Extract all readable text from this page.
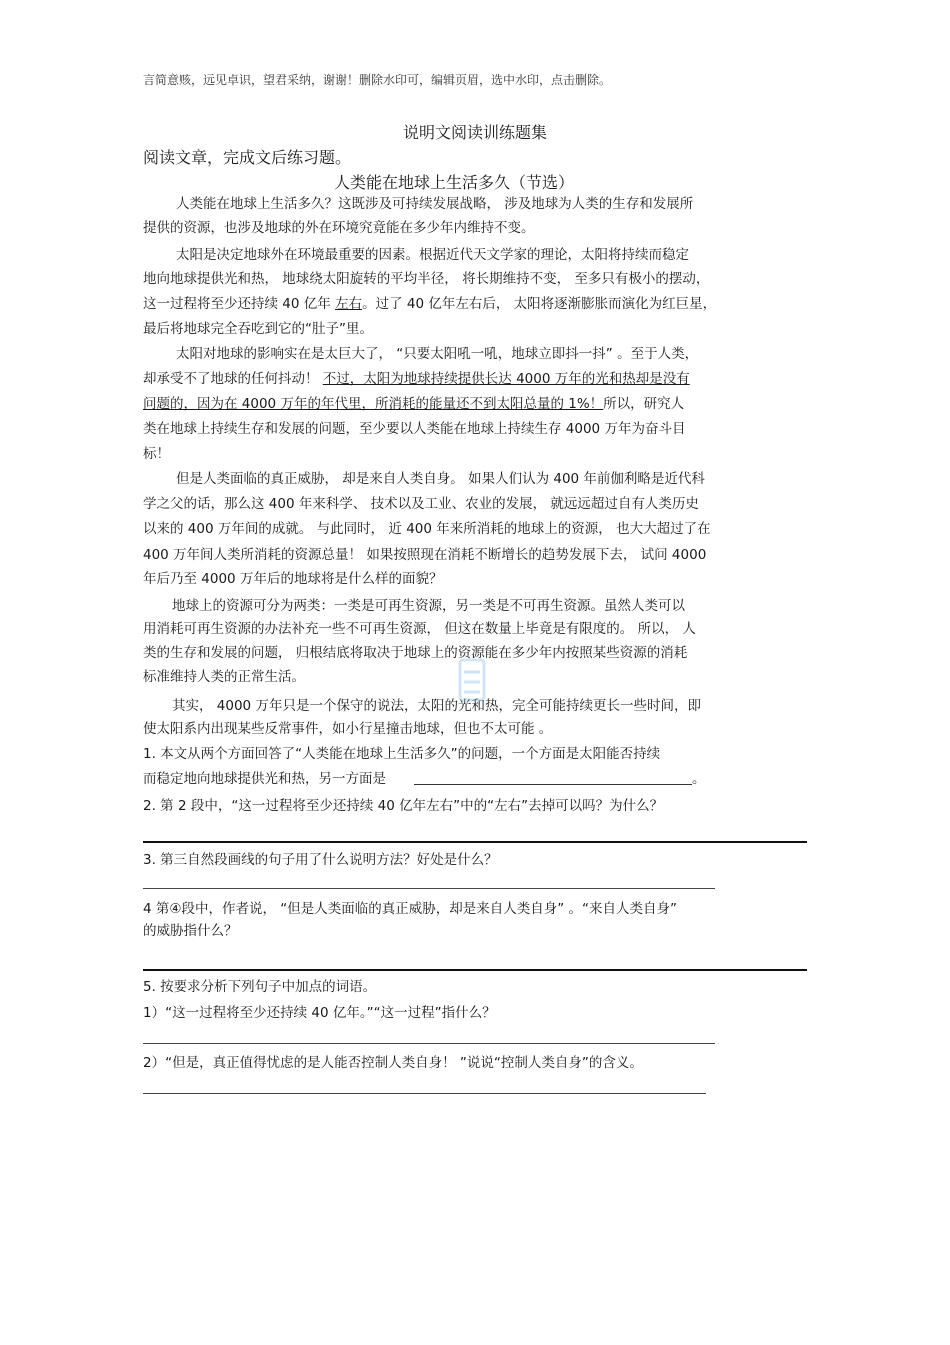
言简意赅，远见卓识，望君采纳，谢谢！删除水印可，编辑页眉，选中水印，点击删除。
说明文阅读训练题集
阅读文章，完成文后练习题。
人类能在地球上生活多久（节选）
人类能在地球上生活多久？这既涉及可持续发展战略， 涉及地球为人类的生存和发展所
提供的资源，也涉及地球的外在环境究竟能在多少年内维持不变。
太阳是决定地球外在环境最重要的因素。根据近代天文学家的理论，太阳将持续而稳定
地向地球提供光和热， 地球绕太阳旋转的平均半径， 将长期维持不变， 至多只有极小的摆动，
这一过程将至少还持续 40 亿年 左右。过了 40 亿年左右后， 太阳将逐渐膨胀而演化为红巨星，
最后将地球完全吞吃到它的“肚子”里。
太阳对地球的影响实在是太巨大了， “只要太阳吼一吼，地球立即抖一抖” 。至于人类，
却承受不了地球的任何抖动！ 不过，太阳为地球持续提供长达 4000 万年的光和热却是没有
问题的，因为在 4000 万年的年代里，所消耗的能量还不到太阳总量的 1%！所以，研究人
类在地球上持续生存和发展的问题，至少要以人类能在地球上持续生存 4000 万年为奋斗目
标！
但是人类面临的真正威胁， 却是来自人类自身。 如果人们认为 400 年前伽利略是近代科
学之父的话，那么这 400 年来科学、 技术以及工业、农业的发展， 就远远超过自有人类历史
以来的 400 万年间的成就。 与此同时， 近 400 年来所消耗的地球上的资源， 也大大超过了在
400 万年间人类所消耗的资源总量！ 如果按照现在消耗不断增长的趋势发展下去， 试问 4000
年后乃至 4000 万年后的地球将是什么样的面貌？
地球上的资源可分为两类：一类是可再生资源，另一类是不可再生资源。虽然人类可以
用消耗可再生资源的办法补充一些不可再生资源， 但这在数量上毕竟是有限度的。 所以， 人
类的生存和发展的问题， 归根结底将取决于地球上的资源能在多少年内按照某些资源的消耗
标准维持人类的正常生活。
其实， 4000 万年只是一个保守的说法，太阳的光和热，完全可能持续更长一些时间，即
使太阳系内出现某些反常事件，如小行星撞击地球，但也不太可能 。
1. 本文从两个方面回答了“人类能在地球上生活多久”的问题，一个方面是太阳能否持续
而稳定地向地球提供光和热，另一方面是	。
2. 第 2 段中，“这一过程将至少还持续 40 亿年左右”中的“左右”去掉可以吗？为什么？
3. 第三自然段画线的句子用了什么说明方法？好处是什么？
4 第④段中，作者说， “但是人类面临的真正威胁，却是来自人类自身” 。“来自人类自身”
的威胁指什么？
5. 按要求分析下列句子中加点的词语。
1）“这一过程将至少还持续 40 亿年。”“这一过程”指什么？
2）“但是，真正值得忧虑的是人能否控制人类自身！ ”说说“控制人类自身”的含义。
